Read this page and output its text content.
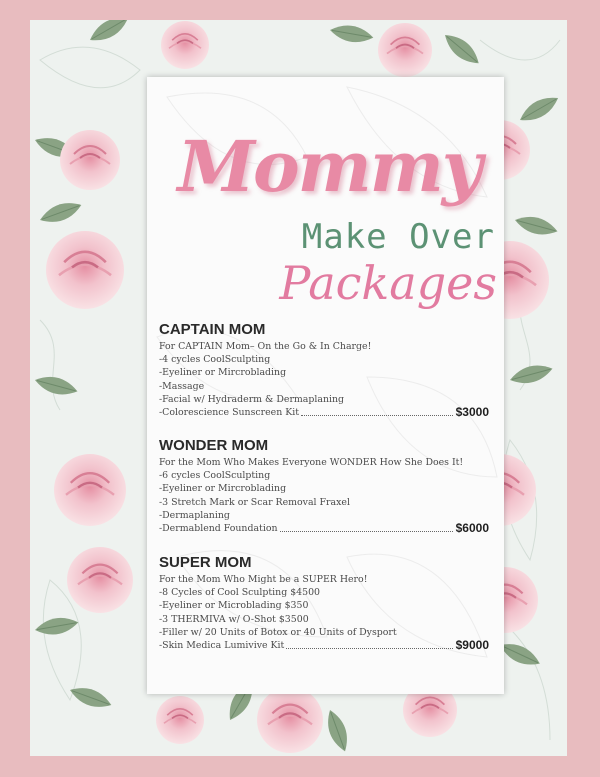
Mommy
Make Over
Packages
CAPTAIN MOM
For CAPTAIN Mom– On the Go & In Charge!
-4 cycles CoolSculpting
-Eyeliner or Mircroblading
-Massage
-Facial w/ Hydraderm & Dermaplaning
-Colorescience Sunscreen Kit	$3000
WONDER MOM
For the Mom Who Makes Everyone WONDER How She Does It!
-6 cycles CoolSculpting
-Eyeliner or Mircroblading
-3 Stretch Mark or Scar Removal Fraxel
-Dermaplaning
-Dermablend Foundation	$6000
SUPER MOM
For the Mom Who Might be a SUPER Hero!
-8 Cycles of Cool Sculpting $4500
-Eyeliner or Microblading $350
-3 THERMIVA w/ O-Shot $3500
-Filler w/ 20 Units of Botox or 40 Units of Dysport
-Skin Medica Lumivive Kit	$9000
